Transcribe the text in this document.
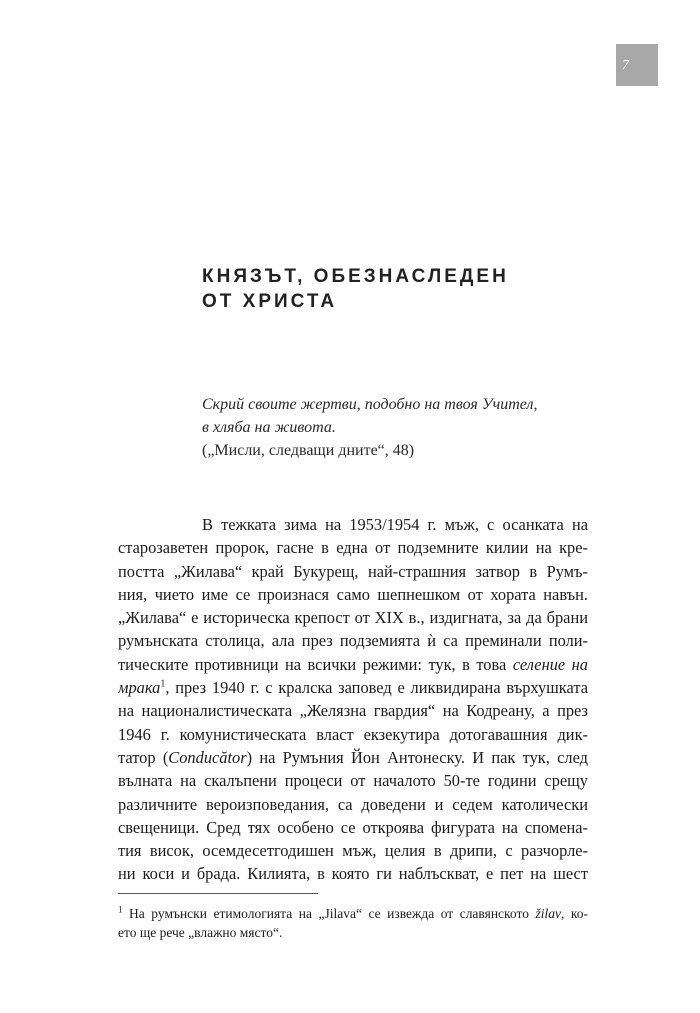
7
КНЯЗЪТ, ОБЕЗНАСЛЕДЕН
ОТ ХРИСТА
Скрий своите жертви, подобно на твоя Учител,
в хляба на живота.
(„Мисли, следващи дните“, 48)
В тежката зима на 1953/1954 г. мъж, с осанката на
старозаветен пророк, гасне в една от подземните килии на кре-
постта „Жилава“ край Букурещ, най-страшния затвор в Румъ-
ния, чието име се произнася само шепнешком от хората навън.
„Жилава“ е историческа крепост от XIX в., издигната, за да брани
румънската столица, ала през подземията ѝ са преминали поли-
тическите противници на всички режими: тук, в това селение на
мрака$^1$, през 1940 г. с кралска заповед е ликвидирана върхушката
на националистическата „Желязна гвардия“ на Кодреану, а през
1946 г. комунистическата власт екзекутира дотогавашния дик-
татор (Conducător) на Румъния Йон Антонеску. И пак тук, след
вълната на скалъпени процеси от началото 50-те години срещу
различните вероизповедания, са доведени и седем католически
свещеници. Сред тях особено се откроява фигурата на спомена-
тия висок, осемдесетгодишен мъж, целия в дрипи, с разчорле-
ни коси и брада. Килията, в която ги наблъскват, е пет на шест
$^1$ На румънски етимологията на „Jilava“ се извежда от славянското žilav, ко-
ето ще рече „влажно място“.
